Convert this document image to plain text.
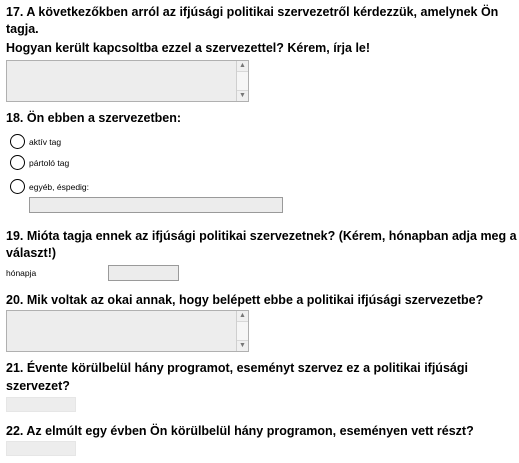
17. A következőkben arról az ifjúsági politikai szervezetről kérdezzük, amelynek Ön
tagja.
Hogyan került kapcsoltba ezzel a szervezettel? Kérem, írja le!
▲
▼
18. Ön ebben a szervezetben:
aktív tag
pártoló tag
egyéb, éspedig:
19. Mióta tagja ennek az ifjúsági politikai szervezetnek? (Kérem, hónapban adja meg a
választ!)
hónapja
20. Mik voltak az okai annak, hogy belépett ebbe a politikai ifjúsági szervezetbe?
▲
▼
21. Évente körülbelül hány programot, eseményt szervez ez a politikai ifjúsági
szervezet?
22. Az elmúlt egy évben Ön körülbelül hány programon, eseményen vett részt?
